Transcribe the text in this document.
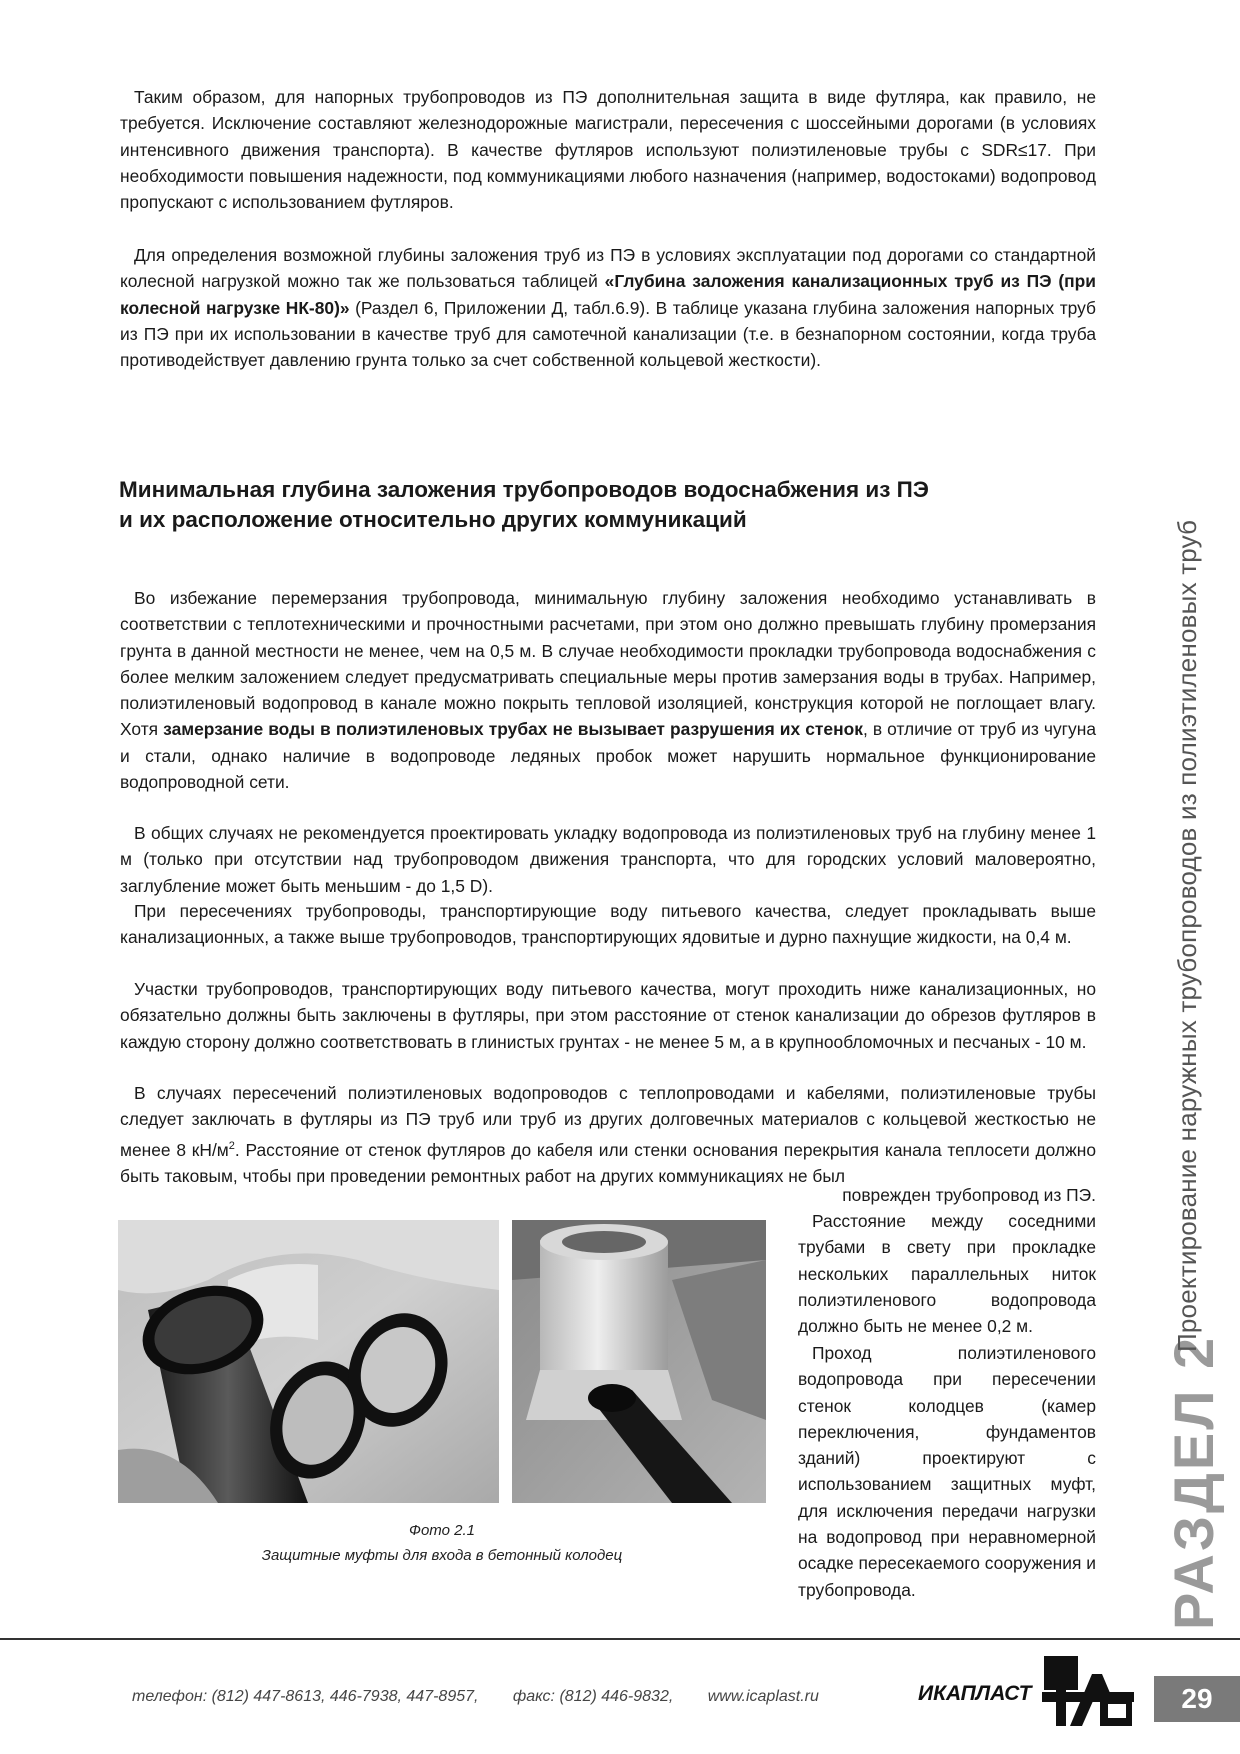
Таким образом, для напорных трубопроводов из ПЭ дополнительная защита в виде футляра, как правило, не требуется. Исключение составляют железнодорожные магистрали, пересечения с шоссейными дорогами (в условиях интенсивного движения транспорта). В качестве футляров используют полиэтиленовые трубы с SDR≤17. При необходимости повышения надежности, под коммуникациями любого назначения (например, водостоками) водопровод пропускают с использованием футляров.

Для определения возможной глубины заложения труб из ПЭ в условиях эксплуатации под дорогами со стандартной колесной нагрузкой можно так же пользоваться таблицей «Глубина заложения канализационных труб из ПЭ (при колесной нагрузке НК-80)» (Раздел 6, Приложении Д, табл.6.9). В таблице указана глубина заложения напорных труб из ПЭ при их использовании в качестве труб для самотечной канализации (т.е. в безнапорном состоянии, когда труба противодействует давлению грунта только за счет собственной кольцевой жесткости).

Минимальная глубина заложения трубопроводов водоснабжения из ПЭ
и их расположение относительно других коммуникаций

Во избежание перемерзания трубопровода, минимальную глубину заложения необходимо устанавливать в соответствии с теплотехническими и прочностными расчетами, при этом оно должно превышать глубину промерзания грунта в данной местности не менее, чем на 0,5 м. В случае необходимости прокладки трубопровода водоснабжения с более мелким заложением следует предусматривать специальные меры против замерзания воды в трубах. Например, полиэтиленовый водопровод в канале можно покрыть тепловой изоляцией, конструкция которой не поглощает влагу. Хотя замерзание воды в полиэтиленовых трубах не вызывает разрушения их стенок, в отличие от труб из чугуна и стали, однако наличие в водопроводе ледяных пробок может нарушить нормальное функционирование водопроводной сети.

В общих случаях не рекомендуется проектировать укладку водопровода из полиэтиленовых труб на глубину менее 1 м (только при отсутствии над трубопроводом движения транспорта, что для городских условий маловероятно, заглубление может быть меньшим - до 1,5 D).

При пересечениях трубопроводы, транспортирующие воду питьевого качества, следует прокладывать выше канализационных, а также выше трубопроводов, транспортирующих ядовитые и дурно пахнущие жидкости, на 0,4 м.

Участки трубопроводов, транспортирующих воду питьевого качества, могут проходить ниже канализационных, но обязательно должны быть заключены в футляры, при этом расстояние от стенок канализации до обрезов футляров в каждую сторону должно соответствовать в глинистых грунтах - не менее 5 м, а в крупнообломочных и песчаных - 10 м.

В случаях пересечений полиэтиленовых водопроводов с теплопроводами и кабелями, полиэтиленовые трубы следует заключать в футляры из ПЭ труб или труб из других долговечных материалов с кольцевой жесткостью не менее 8 $кН/м^2$. Расстояние от стенок футляров до кабеля или стенки основания перекрытия канала теплосети должно быть таковым, чтобы при проведении ремонтных работ на других коммуникациях не был

поврежден трубопровод из ПЭ.

Расстояние между соседними трубами в свету при прокладке нескольких параллельных ниток полиэтиленового водопровода должно быть не менее 0,2 м.

Проход полиэтиленового водопровода при пересечении стенок колодцев (камер переключения, фундаментов зданий) проектируют с использованием защитных муфт, для исключения передачи нагрузки на водопровод при неравномерной осадке пересекаемого сооружения и трубопровода.

Фото 2.1
Защитные муфты для входа в бетонный колодец	РАЗДЕЛ 2
Проектирование наружных трубопроводов из полиэтиленовых труб
телефон: (812) 447-8613, 446-7938, 447-8957, факс: (812) 446-9832, www.icaplast.ru	ИКАПЛАСТ	29
